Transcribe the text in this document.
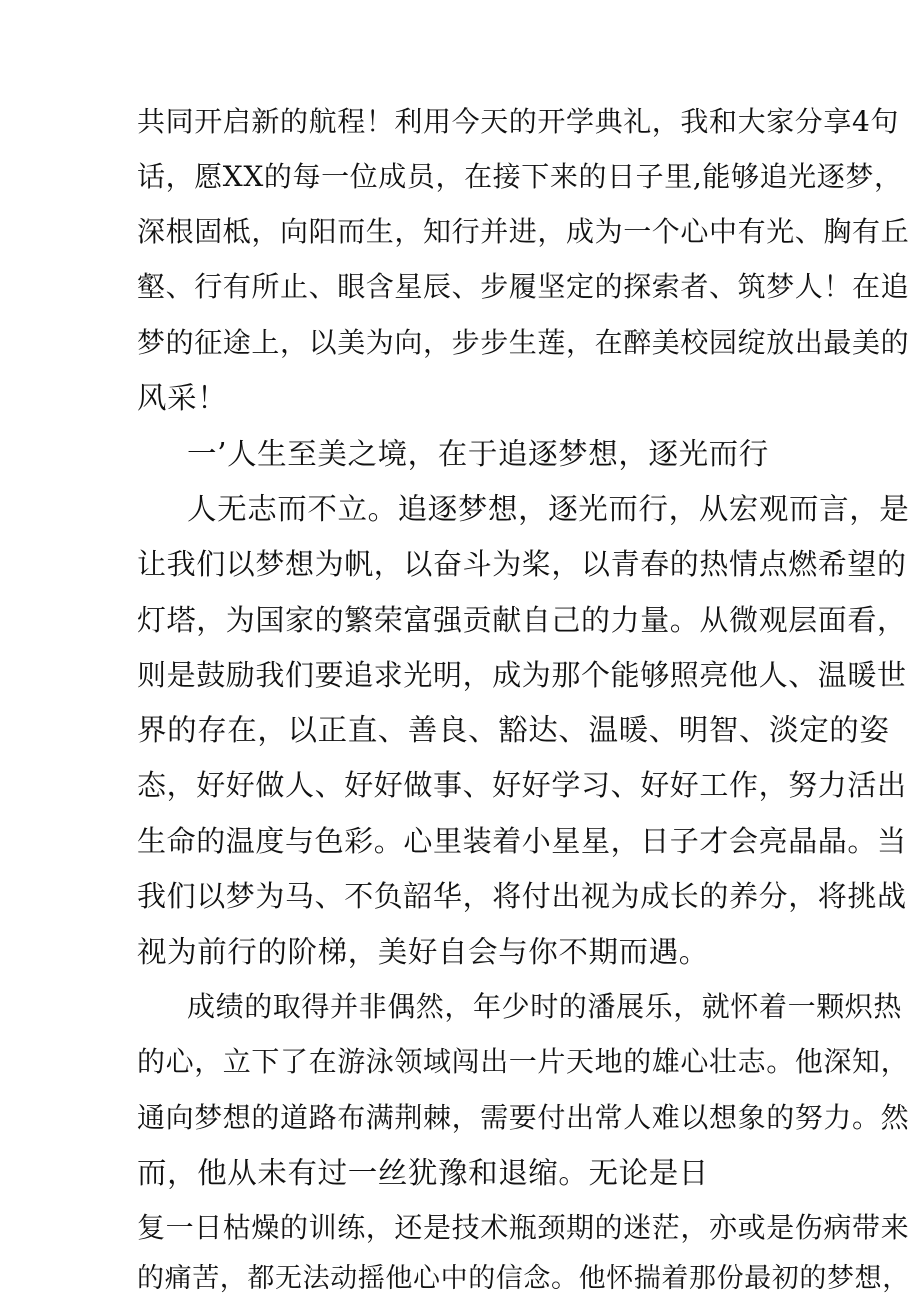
共同开启新的航程！利用今天的开学典礼，我和大家分享4句
话，愿XX的每一位成员，在接下来的日子里,能够追光逐梦，
深根固柢，向阳而生，知行并进，成为一个心中有光、胸有丘
壑、行有所止、眼含星辰、步履坚定的探索者、筑梦人！在追
梦的征途上，以美为向，步步生莲，在醉美校园绽放出最美的
风采！
一’人生至美之境，在于追逐梦想，逐光而行
人无志而不立。追逐梦想，逐光而行，从宏观而言，是
让我们以梦想为帆，以奋斗为桨，以青春的热情点燃希望的
灯塔，为国家的繁荣富强贡献自己的力量。从微观层面看，
则是鼓励我们要追求光明，成为那个能够照亮他人、温暖世
界的存在，以正直、善良、豁达、温暖、明智、淡定的姿
态，好好做人、好好做事、好好学习、好好工作，努力活出
生命的温度与色彩。心里装着小星星，日子才会亮晶晶。当
我们以梦为马、不负韶华，将付出视为成长的养分，将挑战
视为前行的阶梯，美好自会与你不期而遇。
成绩的取得并非偶然，年少时的潘展乐，就怀着一颗炽热
的心，立下了在游泳领域闯出一片天地的雄心壮志。他深知，
通向梦想的道路布满荆棘，需要付出常人难以想象的努力。然
而，他从未有过一丝犹豫和退缩。无论是日
复一日枯燥的训练，还是技术瓶颈期的迷茫，亦或是伤病带来
的痛苦，都无法动摇他心中的信念。他怀揣着那份最初的梦想，
